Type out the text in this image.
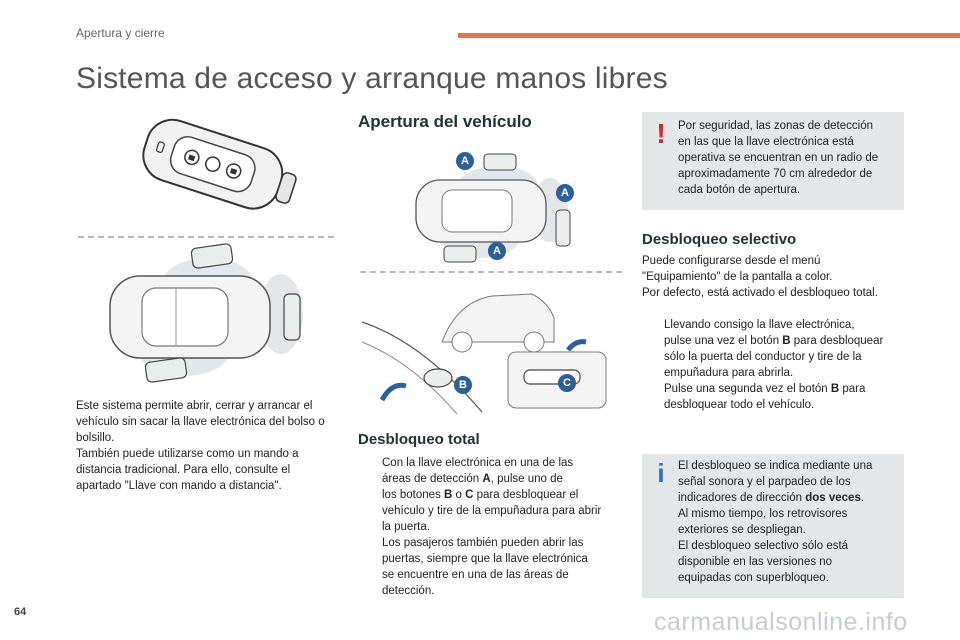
Apertura y cierre
Sistema de acceso y arranque manos libres
Este sistema permite abrir, cerrar y arrancar el vehículo sin sacar la llave electrónica del bolso o bolsillo.
También puede utilizarse como un mando a distancia tradicional. Para ello, consulte el apartado "Llave con mando a distancia".
Apertura del vehículo
A
A
A
B	C
Desbloqueo total
Con la llave electrónica en una de las
áreas de detección A, pulse uno de
los botones B o C para desbloquear el
vehículo y tire de la empuñadura para abrir
la puerta.
Los pasajeros también pueden abrir las
puertas, siempre que la llave electrónica
se encuentre en una de las áreas de
detección.
!	Por seguridad, las zonas de detección
en las que la llave electrónica está
operativa se encuentran en un radio de
aproximadamente 70 cm alrededor de
cada botón de apertura.
Desbloqueo selectivo
Puede configurarse desde el menú
"Equipamiento" de la pantalla a color.
Por defecto, está activado el desbloqueo total.
Llevando consigo la llave electrónica,
pulse una vez el botón B para desbloquear
sólo la puerta del conductor y tire de la
empuñadura para abrirla.
Pulse una segunda vez el botón B para
desbloquear todo el vehículo.
i	El desbloqueo se indica mediante una
señal sonora y el parpadeo de los
indicadores de dirección dos veces.
Al mismo tiempo, los retrovisores
exteriores se despliegan.
El desbloqueo selectivo sólo está
disponible en las versiones no
equipadas con superbloqueo.
64	carmanualsonline.info
